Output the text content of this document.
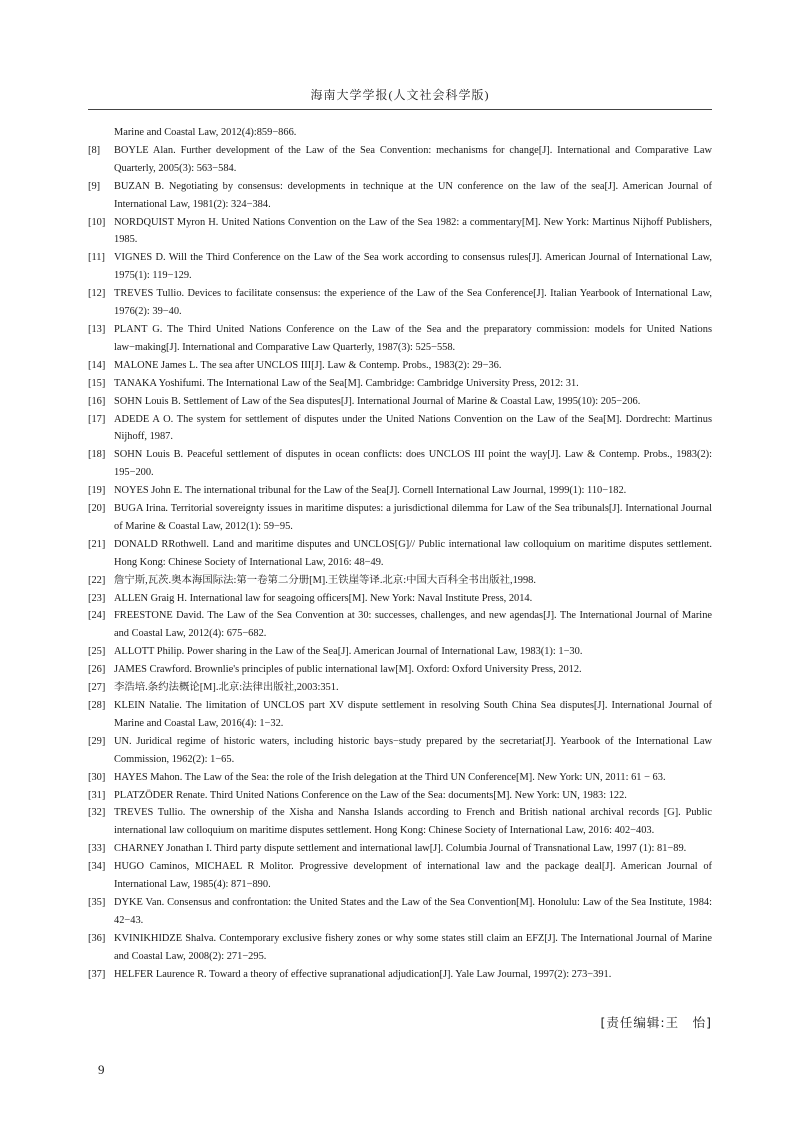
海南大学学报(人文社会科学版)
Marine and Coastal Law, 2012(4):859−866.
[8] BOYLE Alan. Further development of the Law of the Sea Convention: mechanisms for change[J]. International and Comparative Law Quarterly, 2005(3): 563−584.
[9] BUZAN B. Negotiating by consensus: developments in technique at the UN conference on the law of the sea[J]. American Journal of International Law, 1981(2): 324−384.
[10] NORDQUIST Myron H. United Nations Convention on the Law of the Sea 1982: a commentary[M]. New York: Martinus Nijhoff Publishers, 1985.
[11] VIGNES D. Will the Third Conference on the Law of the Sea work according to consensus rules[J]. American Journal of International Law, 1975(1): 119−129.
[12] TREVES Tullio. Devices to facilitate consensus: the experience of the Law of the Sea Conference[J]. Italian Yearbook of International Law, 1976(2): 39−40.
[13] PLANT G. The Third United Nations Conference on the Law of the Sea and the preparatory commission: models for United Nations law−making[J]. International and Comparative Law Quarterly, 1987(3): 525−558.
[14] MALONE James L. The sea after UNCLOS III[J]. Law & Contemp. Probs., 1983(2): 29−36.
[15] TANAKA Yoshifumi. The International Law of the Sea[M]. Cambridge: Cambridge University Press, 2012: 31.
[16] SOHN Louis B. Settlement of Law of the Sea disputes[J]. International Journal of Marine & Coastal Law, 1995(10): 205−206.
[17] ADEDE A O. The system for settlement of disputes under the United Nations Convention on the Law of the Sea[M]. Dordrecht: Martinus Nijhoff, 1987.
[18] SOHN Louis B. Peaceful settlement of disputes in ocean conflicts: does UNCLOS III point the way[J]. Law & Contemp. Probs., 1983(2): 195−200.
[19] NOYES John E. The international tribunal for the Law of the Sea[J]. Cornell International Law Journal, 1999(1): 110−182.
[20] BUGA Irina. Territorial sovereignty issues in maritime disputes: a jurisdictional dilemma for Law of the Sea tribunals[J]. International Journal of Marine & Coastal Law, 2012(1): 59−95.
[21] DONALD RRothwell. Land and maritime disputes and UNCLOS[G]// Public international law colloquium on maritime disputes settlement. Hong Kong: Chinese Society of International Law, 2016: 48−49.
[22] 詹宁斯,瓦茨.奥本海国际法:第一卷第二分册[M].王铁崖等译.北京:中国大百科全书出版社,1998.
[23] ALLEN Graig H. International law for seagoing officers[M]. New York: Naval Institute Press, 2014.
[24] FREESTONE David. The Law of the Sea Convention at 30: successes, challenges, and new agendas[J]. The International Journal of Marine and Coastal Law, 2012(4): 675−682.
[25] ALLOTT Philip. Power sharing in the Law of the Sea[J]. American Journal of International Law, 1983(1): 1−30.
[26] JAMES Crawford. Brownlie's principles of public international law[M]. Oxford: Oxford University Press, 2012.
[27] 李浩培.条约法概论[M].北京:法律出版社,2003:351.
[28] KLEIN Natalie. The limitation of UNCLOS part XV dispute settlement in resolving South China Sea disputes[J]. International Journal of Marine and Coastal Law, 2016(4): 1−32.
[29] UN. Juridical regime of historic waters, including historic bays−study prepared by the secretariat[J]. Yearbook of the International Law Commission, 1962(2): 1−65.
[30] HAYES Mahon. The Law of the Sea: the role of the Irish delegation at the Third UN Conference[M]. New York: UN, 2011: 61 − 63.
[31] PLATZÖDER Renate. Third United Nations Conference on the Law of the Sea: documents[M]. New York: UN, 1983: 122.
[32] TREVES Tullio. The ownership of the Xisha and Nansha Islands according to French and British national archival records [G]. Public international law colloquium on maritime disputes settlement. Hong Kong: Chinese Society of International Law, 2016: 402−403.
[33] CHARNEY Jonathan I. Third party dispute settlement and international law[J]. Columbia Journal of Transnational Law, 1997 (1): 81−89.
[34] HUGO Caminos, MICHAEL R Molitor. Progressive development of international law and the package deal[J]. American Journal of International Law, 1985(4): 871−890.
[35] DYKE Van. Consensus and confrontation: the United States and the Law of the Sea Convention[M]. Honolulu: Law of the Sea Institute, 1984: 42−43.
[36] KVINIKHIDZE Shalva. Contemporary exclusive fishery zones or why some states still claim an EFZ[J]. The International Journal of Marine and Coastal Law, 2008(2): 271−295.
[37] HELFER Laurence R. Toward a theory of effective supranational adjudication[J]. Yale Law Journal, 1997(2): 273−391.
[责任编辑:王　怡]
9
